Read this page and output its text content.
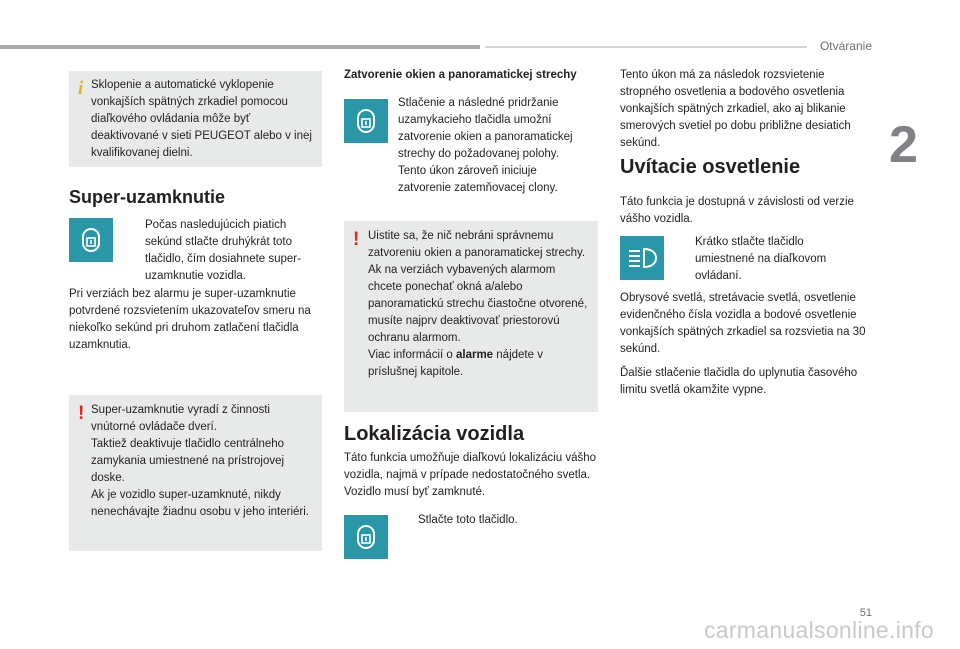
Otváranie
2
i Sklopenie a automatické vyklopenie vonkajších spätných zrkadiel pomocou diaľkového ovládania môže byť deaktivované v sieti PEUGEOT alebo v inej kvalifikovanej dielni.
Super-uzamknutie
Počas nasledujúcich piatich sekúnd stlačte druhýkrát toto tlačidlo, čím dosiahnete super-uzamknutie vozidla.
Pri verziách bez alarmu je super-uzamknutie potvrdené rozsvietením ukazovateľov smeru na niekoľko sekúnd pri druhom zatlačení tlačidla uzamknutia.
! Super-uzamknutie vyradí z činnosti vnútorné ovládače dverí.
Taktiež deaktivuje tlačidlo centrálneho zamykania umiestnené na prístrojovej doske.
Ak je vozidlo super-uzamknuté, nikdy nenechávajte žiadnu osobu v jeho interiéri.
Zatvorenie okien a panoramatickej strechy
Stlačenie a následné pridržanie uzamykacieho tlačidla umožní zatvorenie okien a panoramatickej strechy do požadovanej polohy.
Tento úkon zároveň iniciuje zatvorenie zatemňovacej clony.
! Uistite sa, že nič nebráni správnemu zatvoreniu okien a panoramatickej strechy.
Ak na verziách vybavených alarmom chcete ponechať okná a/alebo panoramatickú strechu čiastočne otvorené, musíte najprv deaktivovať priestorovú ochranu alarmom.
Viac informácií o alarme nájdete v príslušnej kapitole.
Lokalizácia vozidla
Táto funkcia umožňuje diaľkovú lokalizáciu vášho vozidla, najmä v prípade nedostatočného svetla. Vozidlo musí byť zamknuté.
Stlačte toto tlačidlo.
Tento úkon má za následok rozsvietenie stropného osvetlenia a bodového osvetlenia vonkajších spätných zrkadiel, ako aj blikanie smerových svetiel po dobu približne desiatich sekúnd.
Uvítacie osvetlenie
Táto funkcia je dostupná v závislosti od verzie vášho vozidla.
Krátko stlačte tlačidlo umiestnené na diaľkovom ovládaní.
Obrysové svetlá, stretávacie svetlá, osvetlenie evidenčného čísla vozidla a bodové osvetlenie vonkajších spätných zrkadiel sa rozsvietia na 30 sekúnd.
Ďalšie stlačenie tlačidla do uplynutia časového limitu svetlá okamžite vypne.
51
carmanualsonline.info
